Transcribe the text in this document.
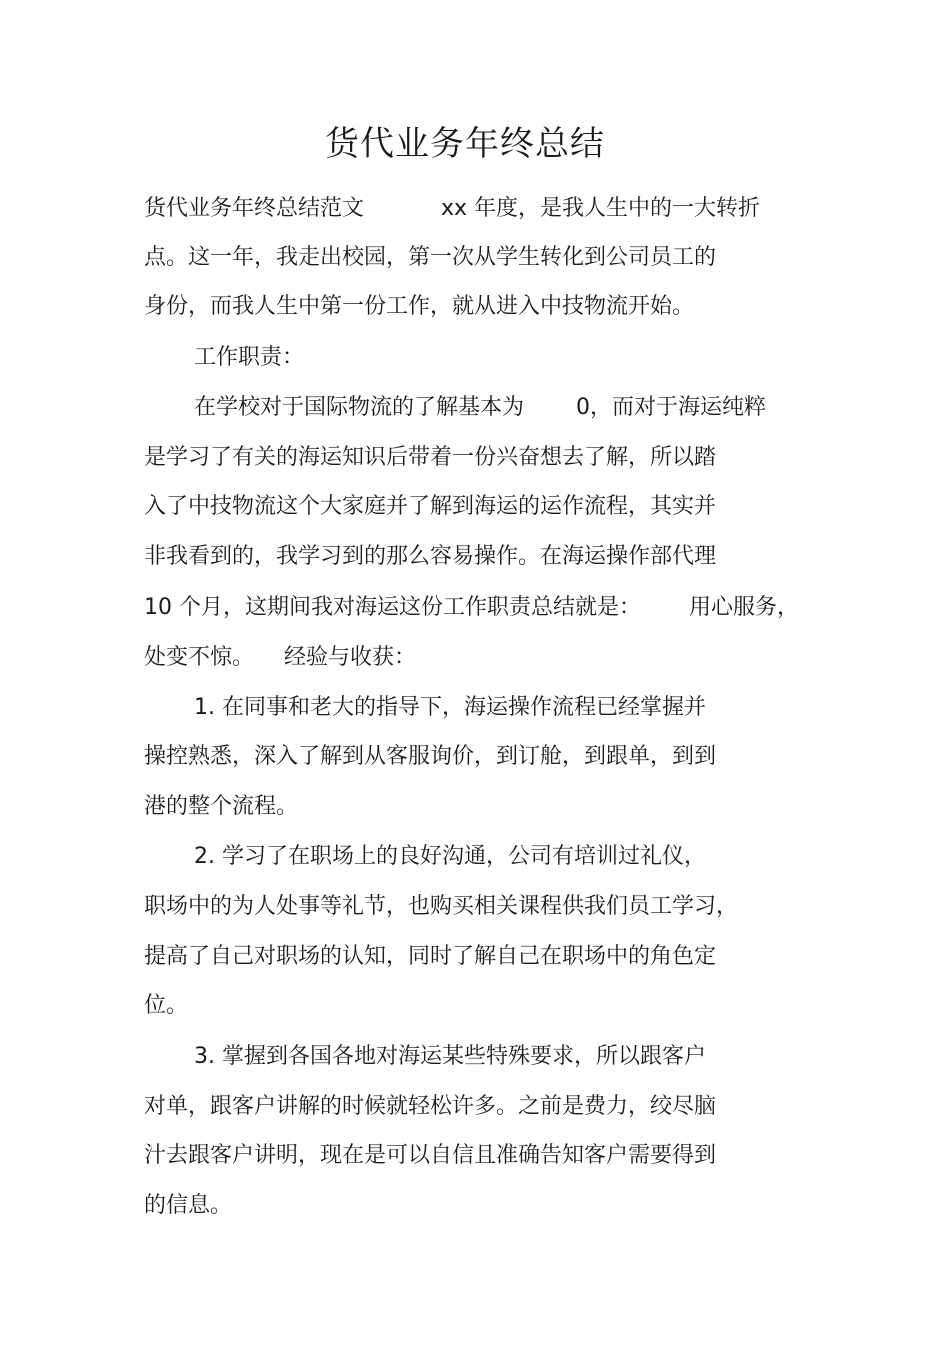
货代业务年终总结
货代业务年终总结范文	xx 年度，是我人生中的一大转折
点。这一年，我走出校园，第一次从学生转化到公司员工的
身份，而我人生中第一份工作，就从进入中技物流开始。
工作职责：
在学校对于国际物流的了解基本为 0，而对于海运纯粹
是学习了有关的海运知识后带着一份兴奋想去了解，所以踏
入了中技物流这个大家庭并了解到海运的运作流程，其实并
非我看到的，我学习到的那么容易操作。在海运操作部代理
10 个月，这期间我对海运这份工作职责总结就是： 用心服务，
处变不惊。 经验与收获：
1. 在同事和老大的指导下，海运操作流程已经掌握并
操控熟悉，深入了解到从客服询价，到订舱，到跟单，到到
港的整个流程。
2. 学习了在职场上的良好沟通，公司有培训过礼仪，
职场中的为人处事等礼节，也购买相关课程供我们员工学习，
提高了自己对职场的认知，同时了解自己在职场中的角色定
位。
3. 掌握到各国各地对海运某些特殊要求，所以跟客户
对单，跟客户讲解的时候就轻松许多。之前是费力，绞尽脑
汁去跟客户讲明，现在是可以自信且准确告知客户需要得到
的信息。
